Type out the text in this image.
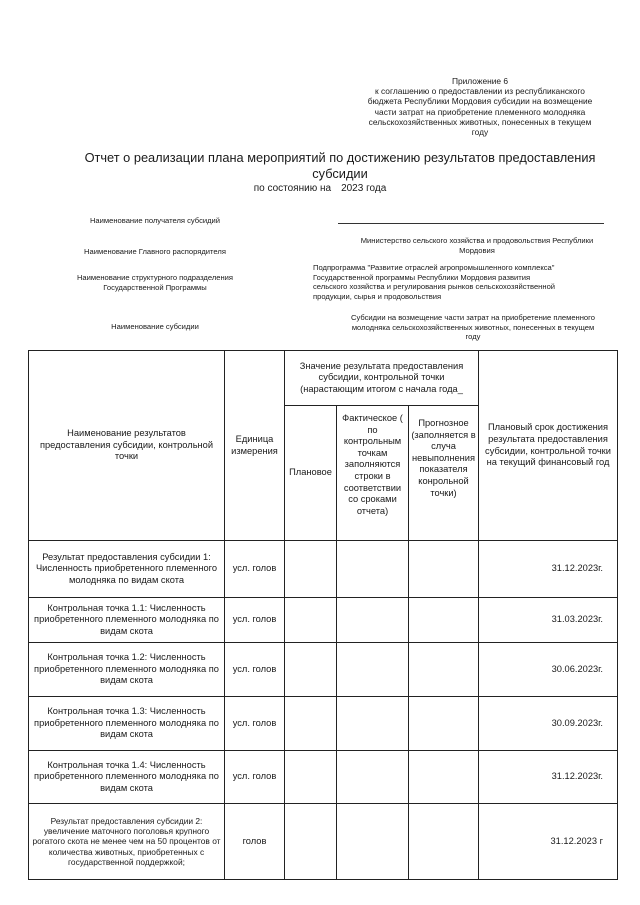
Приложение 6
к соглашению о предоставлении из республиканского
бюджета Республики Мордовия субсидии на возмещение
части затрат на приобретение племенного молодняка
сельскохозяйственных животных, понесенных в текущем
году
Отчет о реализации плана мероприятий по достижению результатов предоставления
субсидии
по состоянию на 2023 года
Наименование получателя субсидий
Наименование Главного распорядителя
Министерство сельского хозяйства и продовольствия Республики
Мордовия
Наименование структурного подразделения
Государственной Программы
Подпрограмма "Развитие отраслей агропромышленного комплекса"
Государственной программы Республики Мордовия развития
сельского хозяйства и регулирования рынков сельскохозяйственной
продукции, сырья и продовольствия
Наименование субсидии
Субсидии на возмещение части затрат на приобретение племенного
молодняка сельскохозяйственных животных, понесенных в текущем
году
Наименование результатов предоставления субсидии, контрольной точки	Единица измерения	Значение результата предоставления субсидии, контрольной точки (нарастающим итогом с начала года_			Плановый срок достижения результата предоставления субсидии, контрольной точки на текущий финансовый год
		Плановое	Фактическое ( по контрольным точкам заполняются строки в соответствии со сроками отчета)	Прогнозное (заполняется в случа невыполнения показателя конрольной точки)	
Результат предоставления субсидии 1: Численность приобретенного племенного молодняка по видам скота	усл. голов				31.12.2023г.
Контрольная точка 1.1: Численность приобретенного племенного молодняка по видам скота	усл. голов				31.03.2023г.
Контрольная точка 1.2: Численность приобретенного племенного молодняка по видам скота	усл. голов				30.06.2023г.
Контрольная точка 1.3: Численность приобретенного племенного молодняка по видам скота	усл. голов				30.09.2023г.
Контрольная точка 1.4: Численность приобретенного племенного молодняка по видам скота	усл. голов				31.12.2023г.
Результат предоставления субсидии 2: увеличение маточного поголовья крупного рогатого скота не менее чем на 50 процентов от количества животных, приобретенных с государственной поддержкой;	голов				31.12.2023 г
